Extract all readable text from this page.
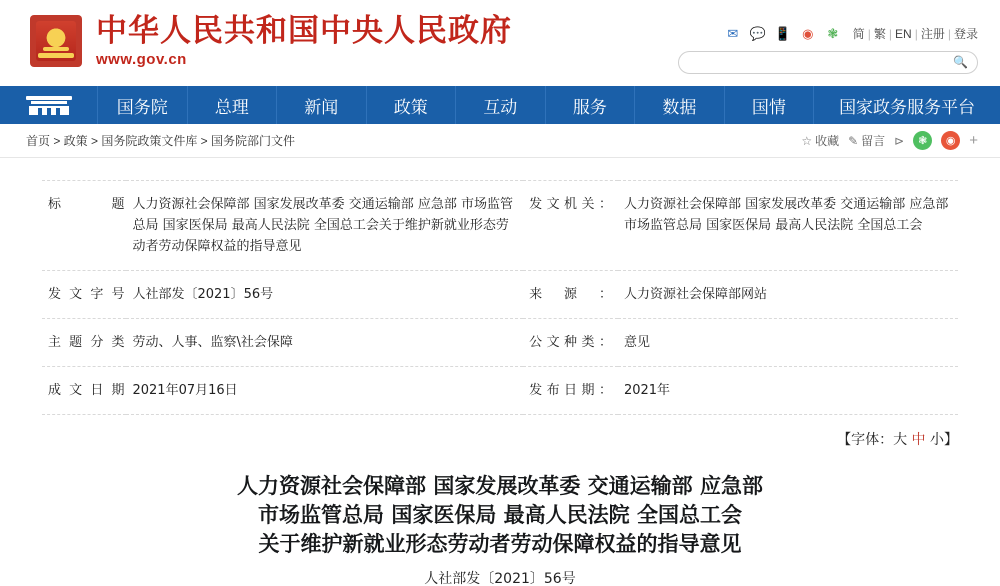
中华人民共和国中央人民政府
www.gov.cn
✉ 💬 📱 ◉ ❃ 简 | 繁 | EN | 注册 | 登录
🔍
国务院	总理	新闻	政策	互动	服务	数据	国情	国家政务服务平台
首页 > 政策 > 国务院政策文件库 > 国务院部门文件	☆ 收藏 ✎ 留言 ⊳	❃	◉ +
标题	人力资源社会保障部 国家发展改革委 交通运输部 应急部 市场监管总局 国家医保局 最高人民法院 全国总工会关于维护新就业形态劳动者劳动保障权益的指导意见	发文机关：	人力资源社会保障部 国家发展改革委 交通运输部 应急部 市场监管总局 国家医保局 最高人民法院 全国总工会
发文字号	人社部发〔2021〕56号	来源：	人力资源社会保障部网站
主题分类	劳动、人事、监察\社会保障	公文种类：	意见
成文日期	2021年07月16日	发布日期：	2021年
【字体：大 中 小】
人力资源社会保障部 国家发展改革委 交通运输部 应急部
市场监管总局 国家医保局 最高人民法院 全国总工会
关于维护新就业形态劳动者劳动保障权益的指导意见
人社部发〔2021〕56号
